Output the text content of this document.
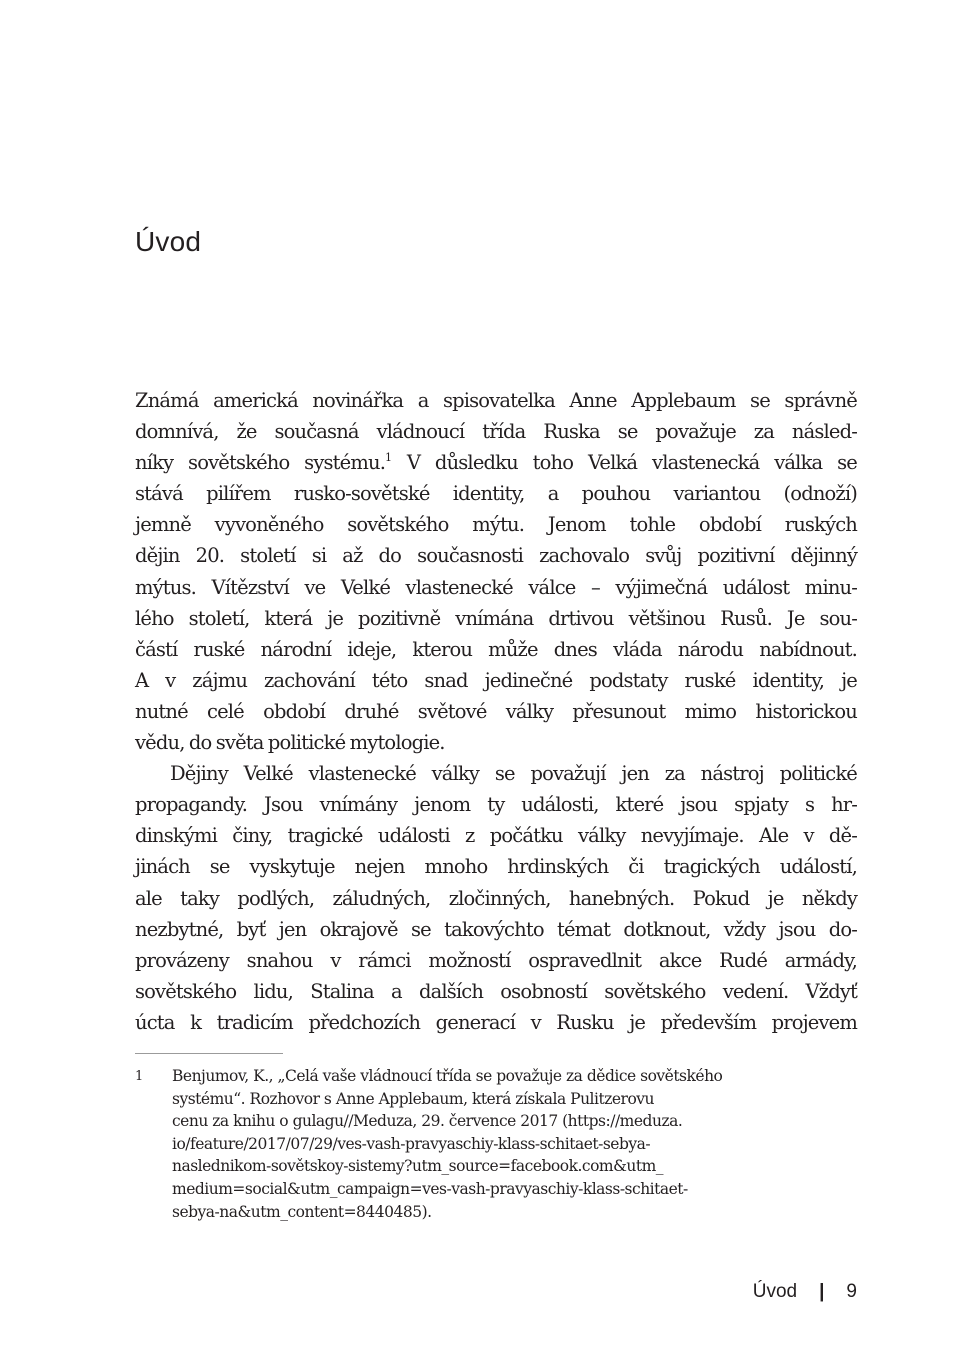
Úvod
Známá americká novinářka a spisovatelka Anne Applebaum se správně
domnívá, že současná vládnoucí třída Ruska se považuje za násled-
níky sovětského systému.$^1$ V důsledku toho Velká vlastenecká válka se
stává pilířem rusko-sovětské identity, a pouhou variantou (odnoží)
jemně vyvoněného sovětského mýtu. Jenom tohle období ruských
dějin 20. století si až do současnosti zachovalo svůj pozitivní dějinný
mýtus. Vítězství ve Velké vlastenecké válce – výjimečná událost minu-
lého století, která je pozitivně vnímána drtivou většinou Rusů. Je sou-
částí ruské národní ideje, kterou může dnes vláda národu nabídnout.
A v zájmu zachování této snad jedinečné podstaty ruské identity, je
nutné celé období druhé světové války přesunout mimo historickou
vědu, do světa politické mytologie.
Dějiny Velké vlastenecké války se považují jen za nástroj politické
propagandy. Jsou vnímány jenom ty události, které jsou spjaty s hr-
dinskými činy, tragické události z počátku války nevyjímaje. Ale v dě-
jinách se vyskytuje nejen mnoho hrdinských či tragických událostí,
ale taky podlých, záludných, zločinných, hanebných. Pokud je někdy
nezbytné, byť jen okrajově se takovýchto témat dotknout, vždy jsou do-
provázeny snahou v rámci možností ospravedlnit akce Rudé armády,
sovětského lidu, Stalina a dalších osobností sovětského vedení. Vždyť
úcta k tradicím předchozích generací v Rusku je především projevem
1 Benjumov, K., „Celá vaše vládnoucí třída se považuje za dědice sovětského
systému“. Rozhovor s Anne Applebaum, která získala Pulitzerovu
cenu za knihu o gulagu//Meduza, 29. července 2017 (https://meduza.
io/feature/2017/07/29/ves-vash-pravyaschiy-klass-schitaet-sebya-
naslednikom-sovětskoy-sistemy?utm_source=facebook.com&utm_
medium=social&utm_campaign=ves-vash-pravyaschiy-klass-schitaet-
sebya-na&utm_content=8440485).
Úvod | 9
